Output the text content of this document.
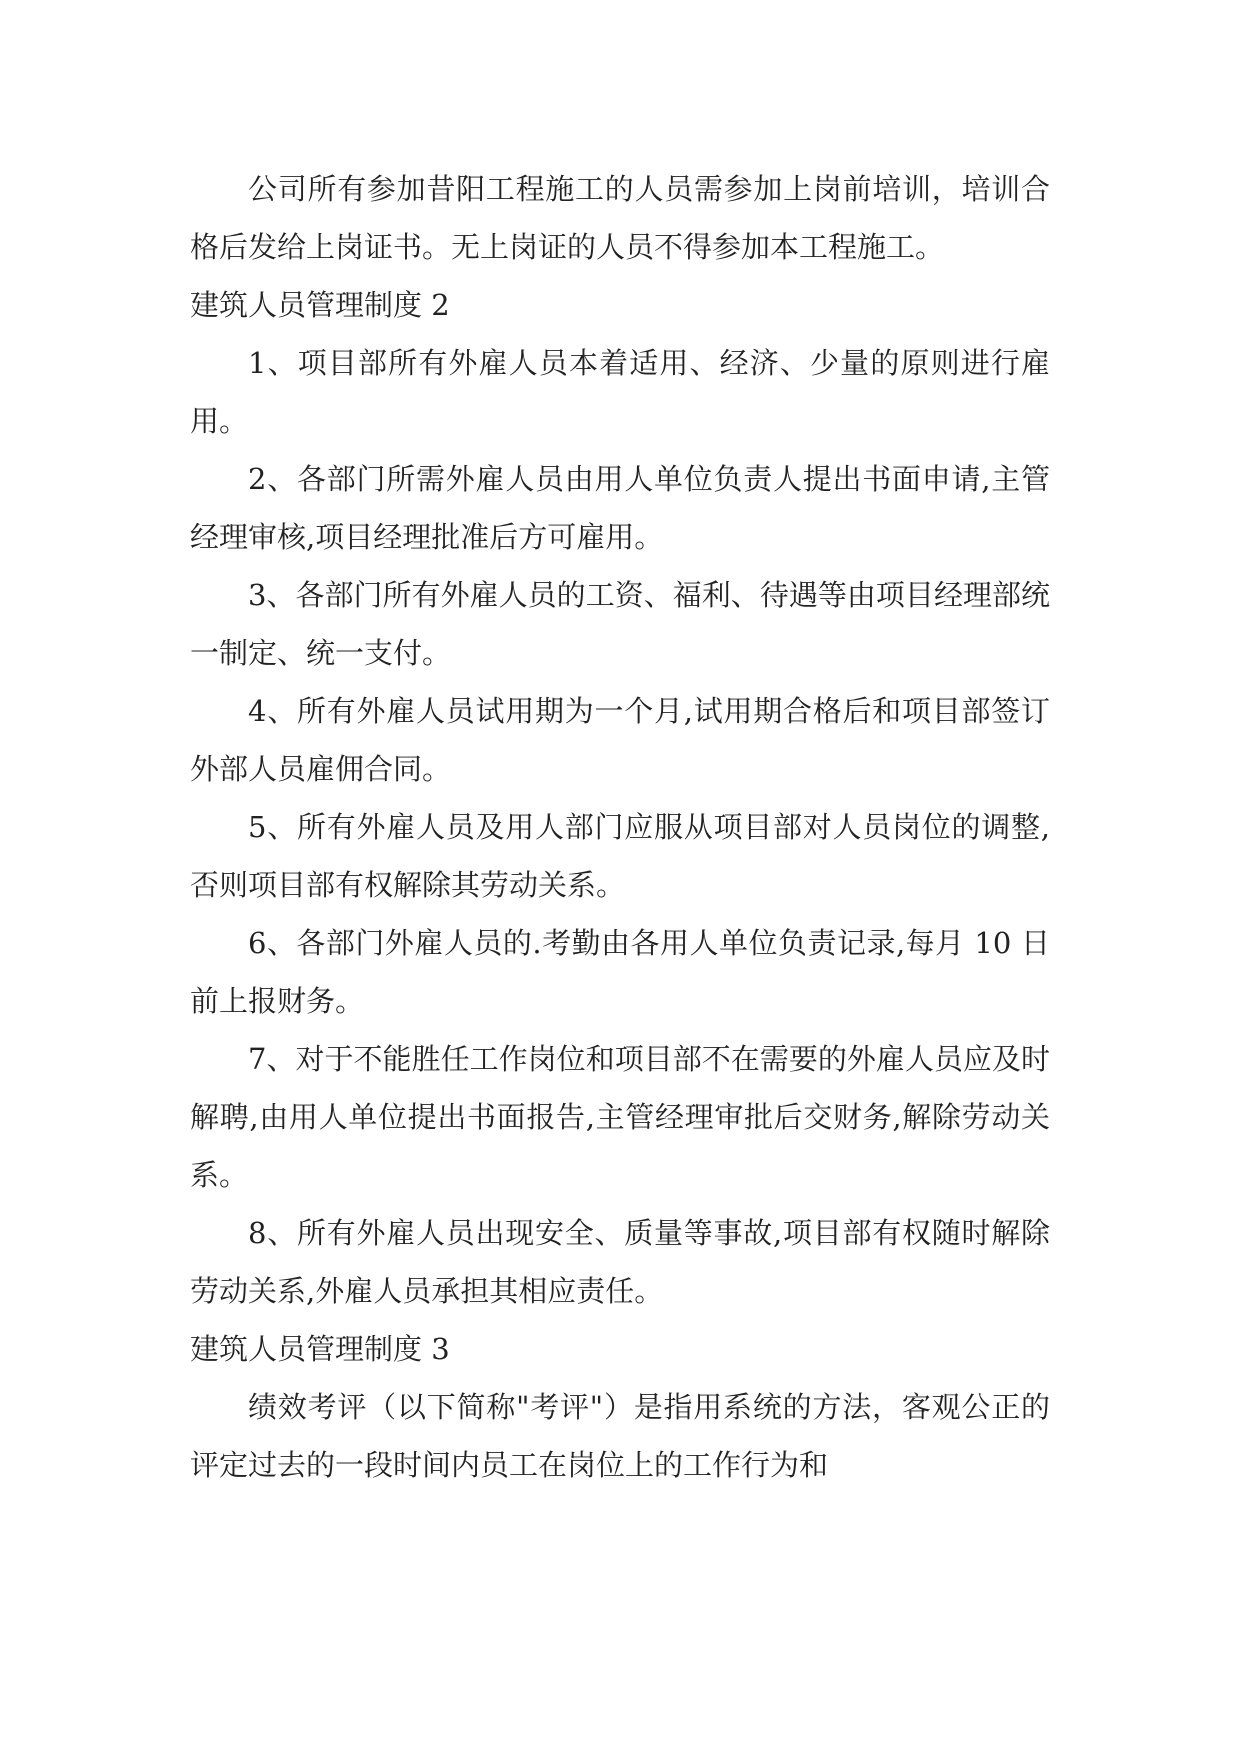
公司所有参加昔阳工程施工的人员需参加上岗前培训，培训合格后发给上岗证书。无上岗证的人员不得参加本工程施工。

建筑人员管理制度 2

1、项目部所有外雇人员本着适用、经济、少量的原则进行雇用。

2、各部门所需外雇人员由用人单位负责人提出书面申请,主管经理审核,项目经理批准后方可雇用。

3、各部门所有外雇人员的工资、福利、待遇等由项目经理部统一制定、统一支付。

4、所有外雇人员试用期为一个月,试用期合格后和项目部签订外部人员雇佣合同。

5、所有外雇人员及用人部门应服从项目部对人员岗位的调整,否则项目部有权解除其劳动关系。

6、各部门外雇人员的.考勤由各用人单位负责记录,每月 10 日前上报财务。

7、对于不能胜任工作岗位和项目部不在需要的外雇人员应及时解聘,由用人单位提出书面报告,主管经理审批后交财务,解除劳动关系。

8、所有外雇人员出现安全、质量等事故,项目部有权随时解除劳动关系,外雇人员承担其相应责任。

建筑人员管理制度 3

绩效考评（以下简称"考评"）是指用系统的方法，客观公正的评定过去的一段时间内员工在岗位上的工作行为和
